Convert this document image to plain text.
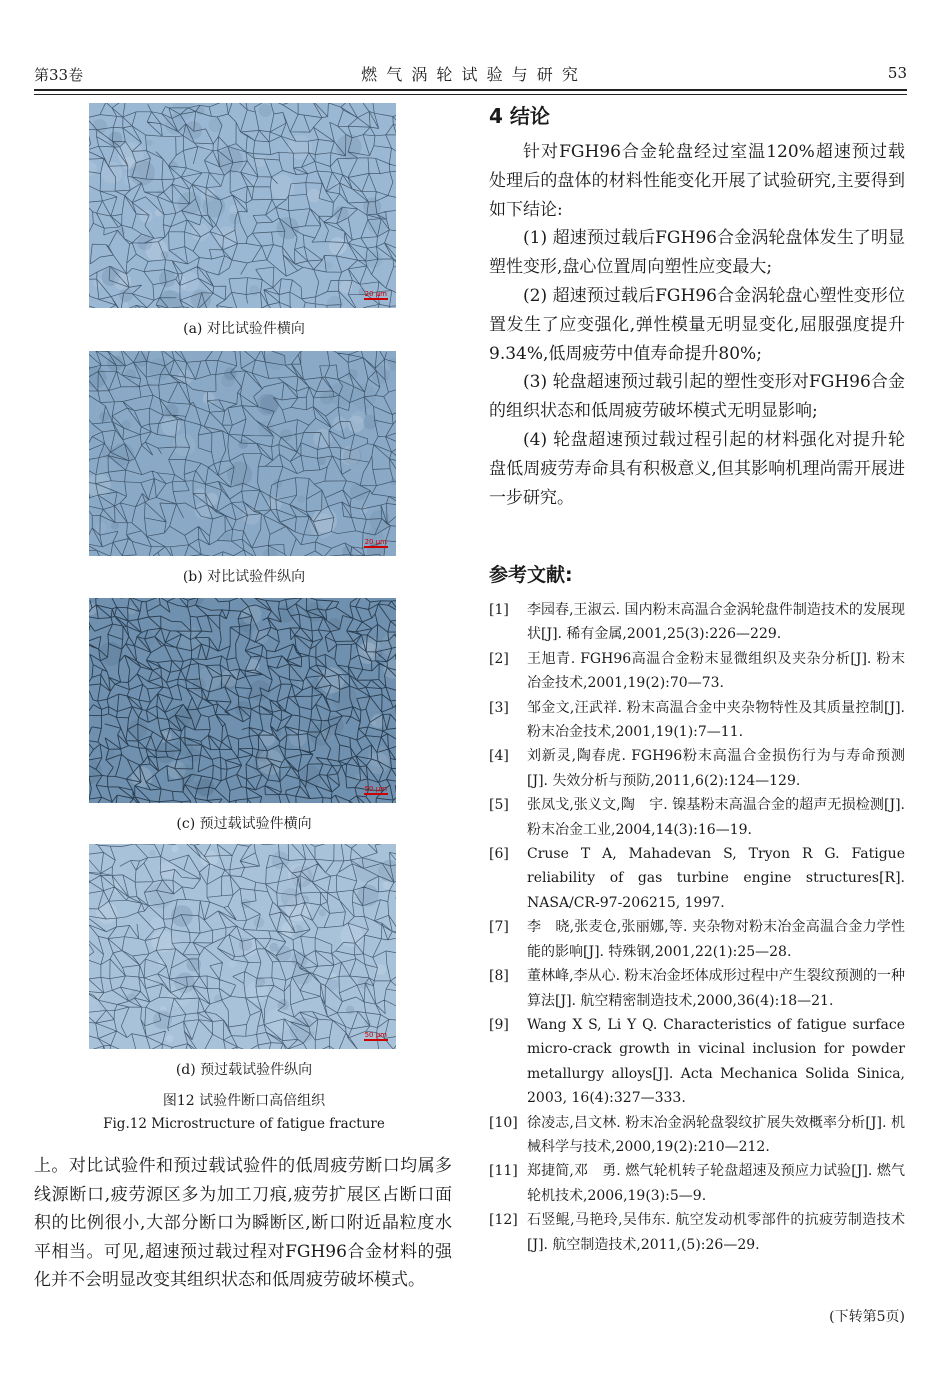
第33卷	燃 气 涡 轮 试 验 与 研 究	53
20 μm
(a) 对比试验件横向
20 μm
(b) 对比试验件纵向
50 μm
(c) 预过载试验件横向
50 μm
(d) 预过载试验件纵向
图12 试验件断口高倍组织
Fig.12 Microstructure of fatigue fracture
上。对比试验件和预过载试验件的低周疲劳断口均属多线源断口,疲劳源区多为加工刀痕,疲劳扩展区占断口面积的比例很小,大部分断口为瞬断区,断口附近晶粒度水平相当。可见,超速预过载过程对FGH96合金材料的强化并不会明显改变其组织状态和低周疲劳破坏模式。
4 结论

针对FGH96合金轮盘经过室温120%超速预过载处理后的盘体的材料性能变化开展了试验研究,主要得到如下结论:

(1) 超速预过载后FGH96合金涡轮盘体发生了明显塑性变形,盘心位置周向塑性应变最大;

(2) 超速预过载后FGH96合金涡轮盘心塑性变形位置发生了应变强化,弹性模量无明显变化,屈服强度提升9.34%,低周疲劳中值寿命提升80%;

(3) 轮盘超速预过载引起的塑性变形对FGH96合金的组织状态和低周疲劳破坏模式无明显影响;

(4) 轮盘超速预过载过程引起的材料强化对提升轮盘低周疲劳寿命具有积极意义,但其影响机理尚需开展进一步研究。

参考文献:
[1] 李园春,王淑云. 国内粉末高温合金涡轮盘件制造技术的发展现状[J]. 稀有金属,2001,25(3):226—229.
[2] 王旭青. FGH96高温合金粉末显微组织及夹杂分析[J]. 粉末冶金技术,2001,19(2):70—73.
[3] 邹金文,汪武祥. 粉末高温合金中夹杂物特性及其质量控制[J]. 粉末冶金技术,2001,19(1):7—11.
[4] 刘新灵,陶春虎. FGH96粉末高温合金损伤行为与寿命预测[J]. 失效分析与预防,2011,6(2):124—129.
[5] 张凤戈,张义文,陶　宇. 镍基粉末高温合金的超声无损检测[J]. 粉末冶金工业,2004,14(3):16—19.
[6] Cruse T A, Mahadevan S, Tryon R G. Fatigue reliability of gas turbine engine structures[R]. NASA/CR-97-206215, 1997.
[7] 李　晓,张麦仓,张丽娜,等. 夹杂物对粉末冶金高温合金力学性能的影响[J]. 特殊钢,2001,22(1):25—28.
[8] 董林峰,李从心. 粉末冶金坯体成形过程中产生裂纹预测的一种算法[J]. 航空精密制造技术,2000,36(4):18—21.
[9] Wang X S, Li Y Q. Characteristics of fatigue surface micro-crack growth in vicinal inclusion for powder metallurgy alloys[J]. Acta Mechanica Solida Sinica, 2003, 16(4):327—333.
[10] 徐凌志,吕文林. 粉末冶金涡轮盘裂纹扩展失效概率分析[J]. 机械科学与技术,2000,19(2):210—212.
[11] 郑捷简,邓　勇. 燃气轮机转子轮盘超速及预应力试验[J]. 燃气轮机技术,2006,19(3):5—9.
[12] 石竖鲲,马艳玲,吴伟东. 航空发动机零部件的抗疲劳制造技术[J]. 航空制造技术,2011,(5):26—29.
(下转第5页)
